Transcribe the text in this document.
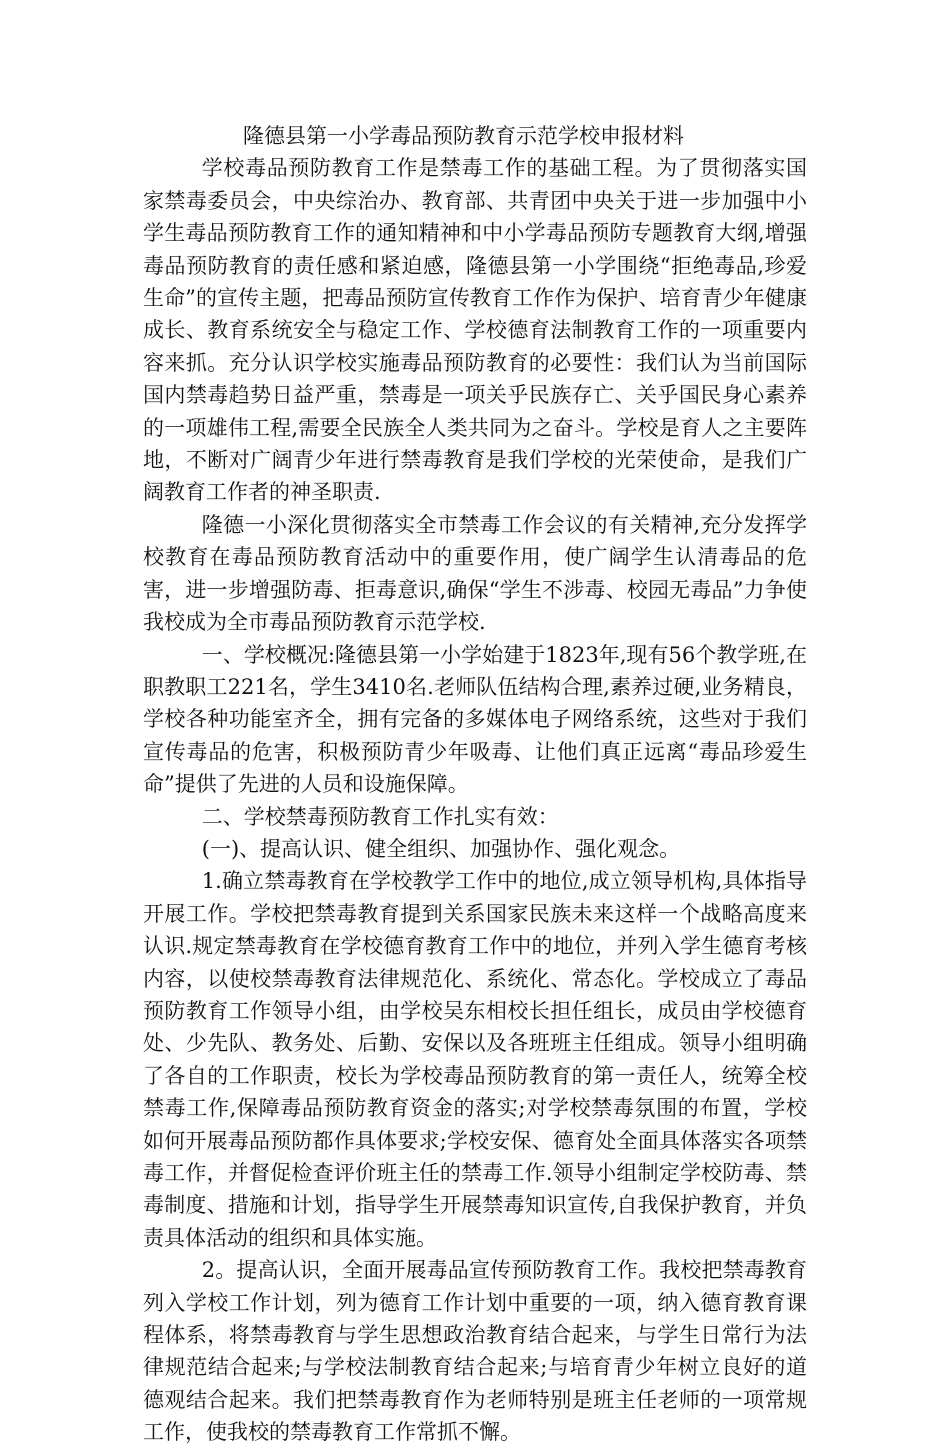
隆德县第一小学毒品预防教育示范学校申报材料

学校毒品预防教育工作是禁毒工作的基础工程。为了贯彻落实国家禁毒委员会，中央综治办、教育部、共青团中央关于进一步加强中小学生毒品预防教育工作的通知精神和中小学毒品预防专题教育大纲,增强毒品预防教育的责任感和紧迫感，隆德县第一小学围绕“拒绝毒品,珍爱生命”的宣传主题，把毒品预防宣传教育工作作为保护、培育青少年健康成长、教育系统安全与稳定工作、学校德育法制教育工作的一项重要内容来抓。充分认识学校实施毒品预防教育的必要性：我们认为当前国际国内禁毒趋势日益严重，禁毒是一项关乎民族存亡、关乎国民身心素养的一项雄伟工程,需要全民族全人类共同为之奋斗。学校是育人之主要阵地，不断对广阔青少年进行禁毒教育是我们学校的光荣使命，是我们广阔教育工作者的神圣职责.

隆德一小深化贯彻落实全市禁毒工作会议的有关精神,充分发挥学校教育在毒品预防教育活动中的重要作用，使广阔学生认清毒品的危害，进一步增强防毒、拒毒意识,确保“学生不涉毒、校园无毒品”力争使我校成为全市毒品预防教育示范学校.

一、学校概况:隆德县第一小学始建于1823年,现有56个教学班,在职教职工221名，学生3410名.老师队伍结构合理,素养过硬,业务精良，学校各种功能室齐全，拥有完备的多媒体电子网络系统，这些对于我们宣传毒品的危害，积极预防青少年吸毒、让他们真正远离“毒品珍爱生命”提供了先进的人员和设施保障。

二、学校禁毒预防教育工作扎实有效：

(一)、提高认识、健全组织、加强协作、强化观念。

1.确立禁毒教育在学校教学工作中的地位,成立领导机构,具体指导开展工作。学校把禁毒教育提到关系国家民族未来这样一个战略高度来认识.规定禁毒教育在学校德育教育工作中的地位，并列入学生德育考核内容，以使校禁毒教育法律规范化、系统化、常态化。学校成立了毒品预防教育工作领导小组，由学校吴东相校长担任组长，成员由学校德育处、少先队、教务处、后勤、安保以及各班班主任组成。领导小组明确了各自的工作职责，校长为学校毒品预防教育的第一责任人，统筹全校禁毒工作,保障毒品预防教育资金的落实;对学校禁毒氛围的布置，学校如何开展毒品预防都作具体要求;学校安保、德育处全面具体落实各项禁毒工作，并督促检查评价班主任的禁毒工作.领导小组制定学校防毒、禁毒制度、措施和计划，指导学生开展禁毒知识宣传,自我保护教育，并负责具体活动的组织和具体实施。

2。提高认识，全面开展毒品宣传预防教育工作。我校把禁毒教育列入学校工作计划，列为德育工作计划中重要的一项，纳入德育教育课程体系，将禁毒教育与学生思想政治教育结合起来，与学生日常行为法律规范结合起来;与学校法制教育结合起来;与培育青少年树立良好的道德观结合起来。我们把禁毒教育作为老师特别是班主任老师的一项常规工作，使我校的禁毒教育工作常抓不懈。
